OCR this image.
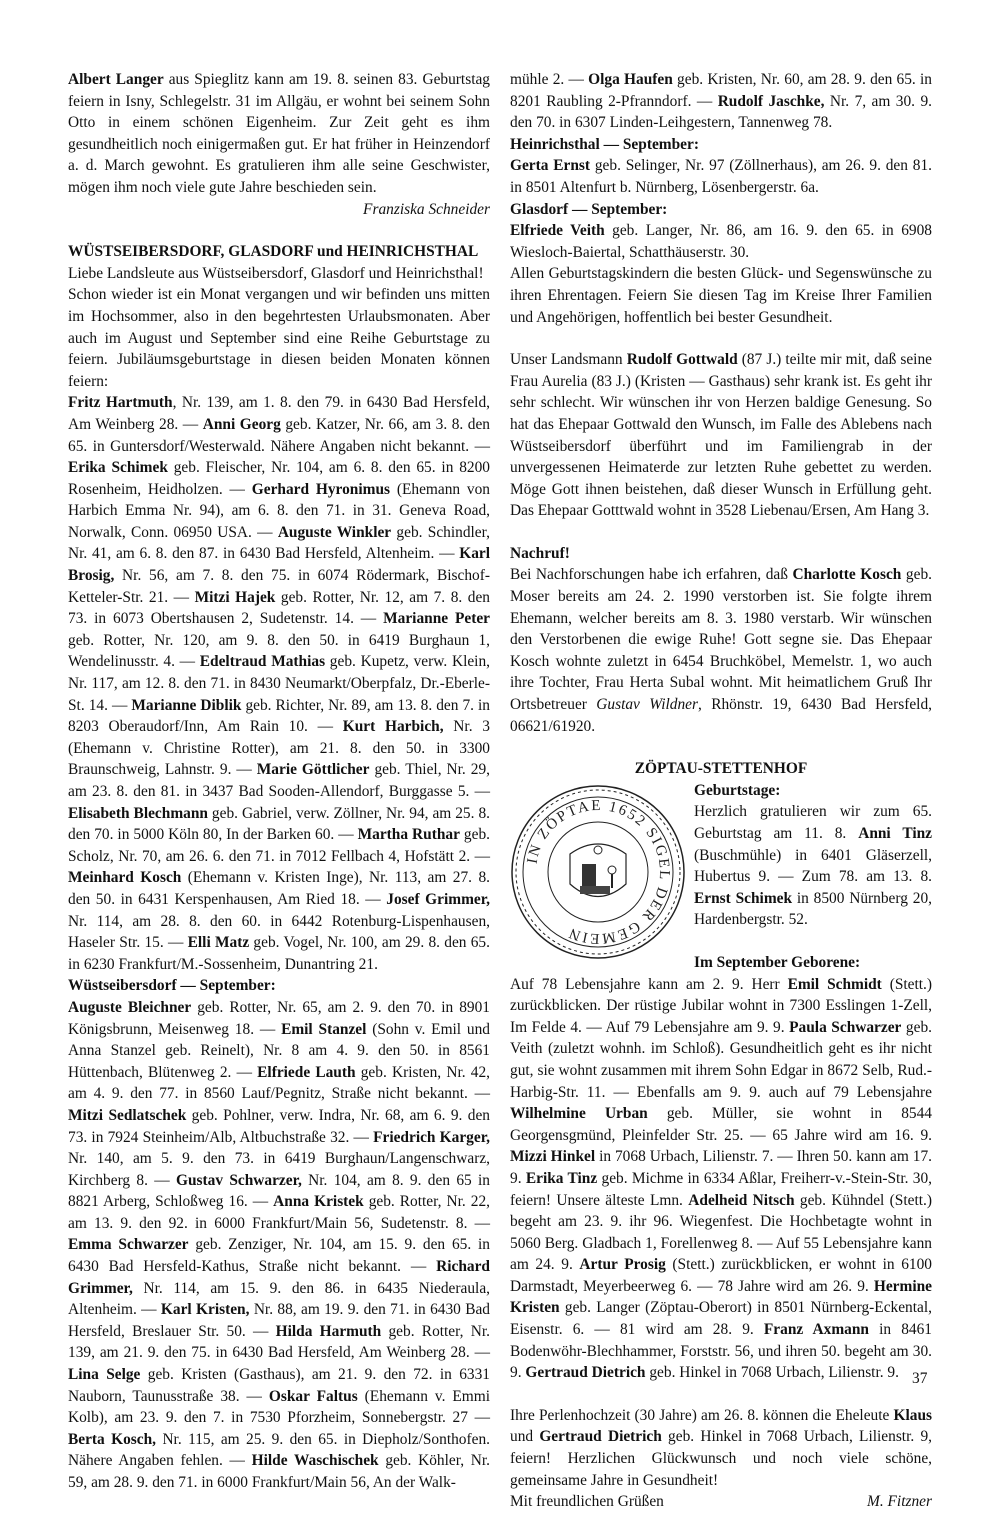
Albert Langer aus Spieglitz kann am 19. 8. seinen 83. Geburtstag feiern in Isny, Schlegelstr. 31 im Allgäu, er wohnt bei seinem Sohn Otto in einem schönen Eigenheim. Zur Zeit geht es ihm gesundheitlich noch einigermaßen gut. Er hat früher in Heinzendorf a. d. March gewohnt. Es gratulieren ihm alle seine Geschwister, mögen ihm noch viele gute Jahre beschieden sein.

Franziska Schneider

WÜSTSEIBERSDORF, GLASDORF und HEINRICHSTHAL

Liebe Landsleute aus Wüstseibersdorf, Glasdorf und Heinrichsthal!

Schon wieder ist ein Monat vergangen und wir befinden uns mitten im Hochsommer, also in den begehrtesten Urlaubsmonaten. Aber auch im August und September sind eine Reihe Geburtstage zu feiern. Jubiläumsgeburtstage in diesen beiden Monaten können feiern:

Fritz Hartmuth, Nr. 139, am 1. 8. den 79. in 6430 Bad Hersfeld, Am Weinberg 28. — Anni Georg geb. Katzer, Nr. 66, am 3. 8. den 65. in Guntersdorf/Westerwald. Nähere Angaben nicht bekannt. — Erika Schimek geb. Fleischer, Nr. 104, am 6. 8. den 65. in 8200 Rosenheim, Heidholzen. — Gerhard Hyronimus (Ehemann von Harbich Emma Nr. 94), am 6. 8. den 71. in 31. Geneva Road, Norwalk, Conn. 06950 USA. — Auguste Winkler geb. Schindler, Nr. 41, am 6. 8. den 87. in 6430 Bad Hersfeld, Altenheim. — Karl Brosig, Nr. 56, am 7. 8. den 75. in 6074 Rödermark, Bischof-Ketteler-Str. 21. — Mitzi Hajek geb. Rotter, Nr. 12, am 7. 8. den 73. in 6073 Obertshausen 2, Sudetenstr. 14. — Marianne Peter geb. Rotter, Nr. 120, am 9. 8. den 50. in 6419 Burghaun 1, Wendelinusstr. 4. — Edeltraud Mathias geb. Kupetz, verw. Klein, Nr. 117, am 12. 8. den 71. in 8430 Neumarkt/Oberpfalz, Dr.-Eberle-St. 14. — Marianne Diblik geb. Richter, Nr. 89, am 13. 8. den 7. in 8203 Oberaudorf/Inn, Am Rain 10. — Kurt Harbich, Nr. 3 (Ehemann v. Christine Rotter), am 21. 8. den 50. in 3300 Braunschweig, Lahnstr. 9. — Marie Göttlicher geb. Thiel, Nr. 29, am 23. 8. den 81. in 3437 Bad Sooden-Allendorf, Burggasse 5. — Elisabeth Blechmann geb. Gabriel, verw. Zöllner, Nr. 94, am 25. 8. den 70. in 5000 Köln 80, In der Barken 60. — Martha Ruthar geb. Scholz, Nr. 70, am 26. 6. den 71. in 7012 Fellbach 4, Hofstätt 2. — Meinhard Kosch (Ehemann v. Kristen Inge), Nr. 113, am 27. 8. den 50. in 6431 Kerspenhausen, Am Ried 18. — Josef Grimmer, Nr. 114, am 28. 8. den 60. in 6442 Rotenburg-Lispenhausen, Haseler Str. 15. — Elli Matz geb. Vogel, Nr. 100, am 29. 8. den 65. in 6230 Frankfurt/M.-Sossenheim, Dunantring 21.

Wüstseibersdorf — September:

Auguste Bleichner geb. Rotter, Nr. 65, am 2. 9. den 70. in 8901 Königsbrunn, Meisenweg 18. — Emil Stanzel (Sohn v. Emil und Anna Stanzel geb. Reinelt), Nr. 8 am 4. 9. den 50. in 8561 Hüttenbach, Blütenweg 2. — Elfriede Lauth geb. Kristen, Nr. 42, am 4. 9. den 77. in 8560 Lauf/Pegnitz, Straße nicht bekannt. — Mitzi Sedlatschek geb. Pohlner, verw. Indra, Nr. 68, am 6. 9. den 73. in 7924 Steinheim/Alb, Altbuchstraße 32. — Friedrich Karger, Nr. 140, am 5. 9. den 73. in 6419 Burghaun/Langenschwarz, Kirchberg 8. — Gustav Schwarzer, Nr. 104, am 8. 9. den 65 in 8821 Arberg, Schloßweg 16. — Anna Kristek geb. Rotter, Nr. 22, am 13. 9. den 92. in 6000 Frankfurt/Main 56, Sudetenstr. 8. — Emma Schwarzer geb. Zenziger, Nr. 104, am 15. 9. den 65. in 6430 Bad Hersfeld-Kathus, Straße nicht bekannt. — Richard Grimmer, Nr. 114, am 15. 9. den 86. in 6435 Niederaula, Altenheim. — Karl Kristen, Nr. 88, am 19. 9. den 71. in 6430 Bad Hersfeld, Breslauer Str. 50. — Hilda Harmuth geb. Rotter, Nr. 139, am 21. 9. den 75. in 6430 Bad Hersfeld, Am Weinberg 28. — Lina Selge geb. Kristen (Gasthaus), am 21. 9. den 72. in 6331 Nauborn, Taunusstraße 38. — Oskar Faltus (Ehemann v. Emmi Kolb), am 23. 9. den 7. in 7530 Pforzheim, Sonnebergstr. 27 — Berta Kosch, Nr. 115, am 25. 9. den 65. in Diepholz/Sonthofen. Nähere Angaben fehlen. — Hilde Waschischek geb. Köhler, Nr. 59, am 28. 9. den 71. in 6000 Frankfurt/Main 56, An der Walk-

mühle 2. — Olga Haufen geb. Kristen, Nr. 60, am 28. 9. den 65. in 8201 Raubling 2-Pfranndorf. — Rudolf Jaschke, Nr. 7, am 30. 9. den 70. in 6307 Linden-Leihgestern, Tannenweg 78.

Heinrichsthal — September:

Gerta Ernst geb. Selinger, Nr. 97 (Zöllnerhaus), am 26. 9. den 81. in 8501 Altenfurt b. Nürnberg, Lösenbergerstr. 6a.

Glasdorf — September:

Elfriede Veith geb. Langer, Nr. 86, am 16. 9. den 65. in 6908 Wiesloch-Baiertal, Schatthäuserstr. 30.

Allen Geburtstagskindern die besten Glück- und Segenswünsche zu ihren Ehrentagen. Feiern Sie diesen Tag im Kreise Ihrer Familien und Angehörigen, hoffentlich bei bester Gesundheit.

Unser Landsmann Rudolf Gottwald (87 J.) teilte mir mit, daß seine Frau Aurelia (83 J.) (Kristen — Gasthaus) sehr krank ist. Es geht ihr sehr schlecht. Wir wünschen ihr von Herzen baldige Genesung. So hat das Ehepaar Gottwald den Wunsch, im Falle des Ablebens nach Wüstseibersdorf überführt und im Familiengrab in der unvergessenen Heimaterde zur letzten Ruhe gebettet zu werden. Möge Gott ihnen beistehen, daß dieser Wunsch in Erfüllung geht. Das Ehepaar Gotttwald wohnt in 3528 Liebenau/Ersen, Am Hang 3.

Nachruf!

Bei Nachforschungen habe ich erfahren, daß Charlotte Kosch geb. Moser bereits am 24. 2. 1990 verstorben ist. Sie folgte ihrem Ehemann, welcher bereits am 8. 3. 1980 verstarb. Wir wünschen den Verstorbenen die ewige Ruhe! Gott segne sie. Das Ehepaar Kosch wohnte zuletzt in 6454 Bruchköbel, Memelstr. 1, wo auch ihre Tochter, Frau Herta Subal wohnt. Mit heimatlichem Gruß Ihr Ortsbetreuer Gustav Wildner, Rhönstr. 19, 6430 Bad Hersfeld, 06621/61920.

ZÖPTAU-STETTENHOF
IN ZÖPTAE 1652 SIGEL DER GEMEIN
Geburtstage:

Herzlich gratulieren wir zum 65. Geburtstag am 11. 8. Anni Tinz (Buschmühle) in 6401 Gläserzell, Hubertus 9. — Zum 78. am 13. 8. Ernst Schimek in 8500 Nürnberg 20, Hardenbergstr. 52.

Im September Geborene:

Auf 78 Lebensjahre kann am 2. 9. Herr Emil Schmidt (Stett.) zurückblicken. Der rüstige Jubilar wohnt in 7300 Esslingen 1-Zell, Im Felde 4. — Auf 79 Lebensjahre am 9. 9. Paula Schwarzer geb. Veith (zuletzt wohnh. im Schloß). Gesundheitlich geht es ihr nicht gut, sie wohnt zusammen mit ihrem Sohn Edgar in 8672 Selb, Rud.-Harbig-Str. 11. — Ebenfalls am 9. 9. auch auf 79 Lebensjahre Wilhelmine Urban geb. Müller, sie wohnt in 8544 Georgensgmünd, Pleinfelder Str. 25. — 65 Jahre wird am 16. 9. Mizzi Hinkel in 7068 Urbach, Lilienstr. 7. — Ihren 50. kann am 17. 9. Erika Tinz geb. Michme in 6334 Aßlar, Freiherr-v.-Stein-Str. 30, feiern! Unsere älteste Lmn. Adelheid Nitsch geb. Kühndel (Stett.) begeht am 23. 9. ihr 96. Wiegenfest. Die Hochbetagte wohnt in 5060 Berg. Gladbach 1, Forellenweg 8. — Auf 55 Lebensjahre kann am 24. 9. Artur Prosig (Stett.) zurückblicken, er wohnt in 6100 Darmstadt, Meyerbeerweg 6. — 78 Jahre wird am 26. 9. Hermine Kristen geb. Langer (Zöptau-Oberort) in 8501 Nürnberg-Eckental, Eisenstr. 6. — 81 wird am 28. 9. Franz Axmann in 8461 Bodenwöhr-Blechhammer, Forststr. 56, und ihren 50. begeht am 30. 9. Gertraud Dietrich geb. Hinkel in 7068 Urbach, Lilienstr. 9.

Ihre Perlenhochzeit (30 Jahre) am 26. 8. können die Eheleute Klaus und Gertraud Dietrich geb. Hinkel in 7068 Urbach, Lilienstr. 9, feiern! Herzlichen Glückwunsch und noch viele schöne, gemeinsame Jahre in Gesundheit!

Mit freundlichen Grüßen	M. Fitzner
37
